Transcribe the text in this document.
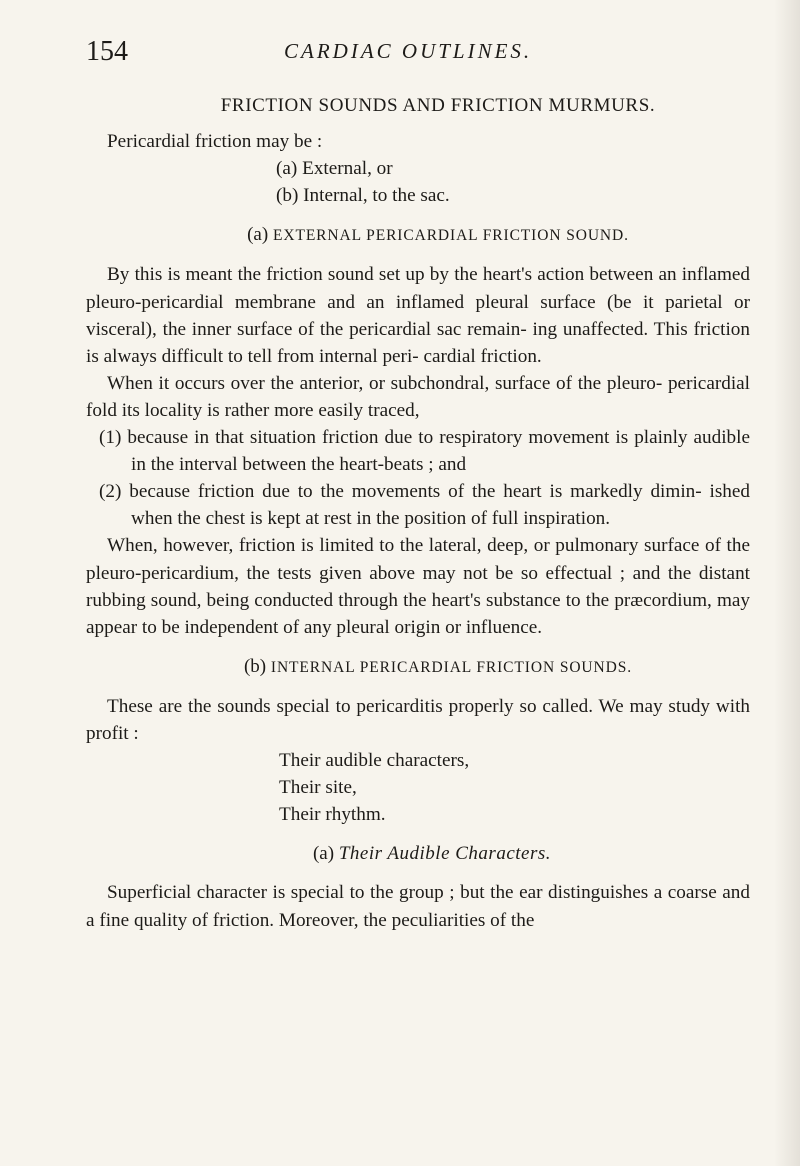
154	CARDIAC OUTLINES.
FRICTION SOUNDS AND FRICTION MURMURS.

Pericardial friction may be :

(a) External, or

(b) Internal, to the sac.

(a) EXTERNAL PERICARDIAL FRICTION SOUND.

By this is meant the friction sound set up by the heart's action between an inflamed pleuro-pericardial membrane and an inflamed pleural surface (be it parietal or visceral), the inner surface of the pericardial sac remain- ing unaffected. This friction is always difficult to tell from internal peri- cardial friction.

When it occurs over the anterior, or subchondral, surface of the pleuro- pericardial fold its locality is rather more easily traced,

(1) because in that situation friction due to respiratory movement is plainly audible in the interval between the heart-beats ; and

(2) because friction due to the movements of the heart is markedly dimin- ished when the chest is kept at rest in the position of full inspiration.

When, however, friction is limited to the lateral, deep, or pulmonary surface of the pleuro-pericardium, the tests given above may not be so effectual ; and the distant rubbing sound, being conducted through the heart's substance to the præcordium, may appear to be independent of any pleural origin or influence.

(b) INTERNAL PERICARDIAL FRICTION SOUNDS.

These are the sounds special to pericarditis properly so called. We may study with profit :

Their audible characters,

Their site,

Their rhythm.

(a) Their Audible Characters.

Superficial character is special to the group ; but the ear distinguishes a coarse and a fine quality of friction. Moreover, the peculiarities of the
